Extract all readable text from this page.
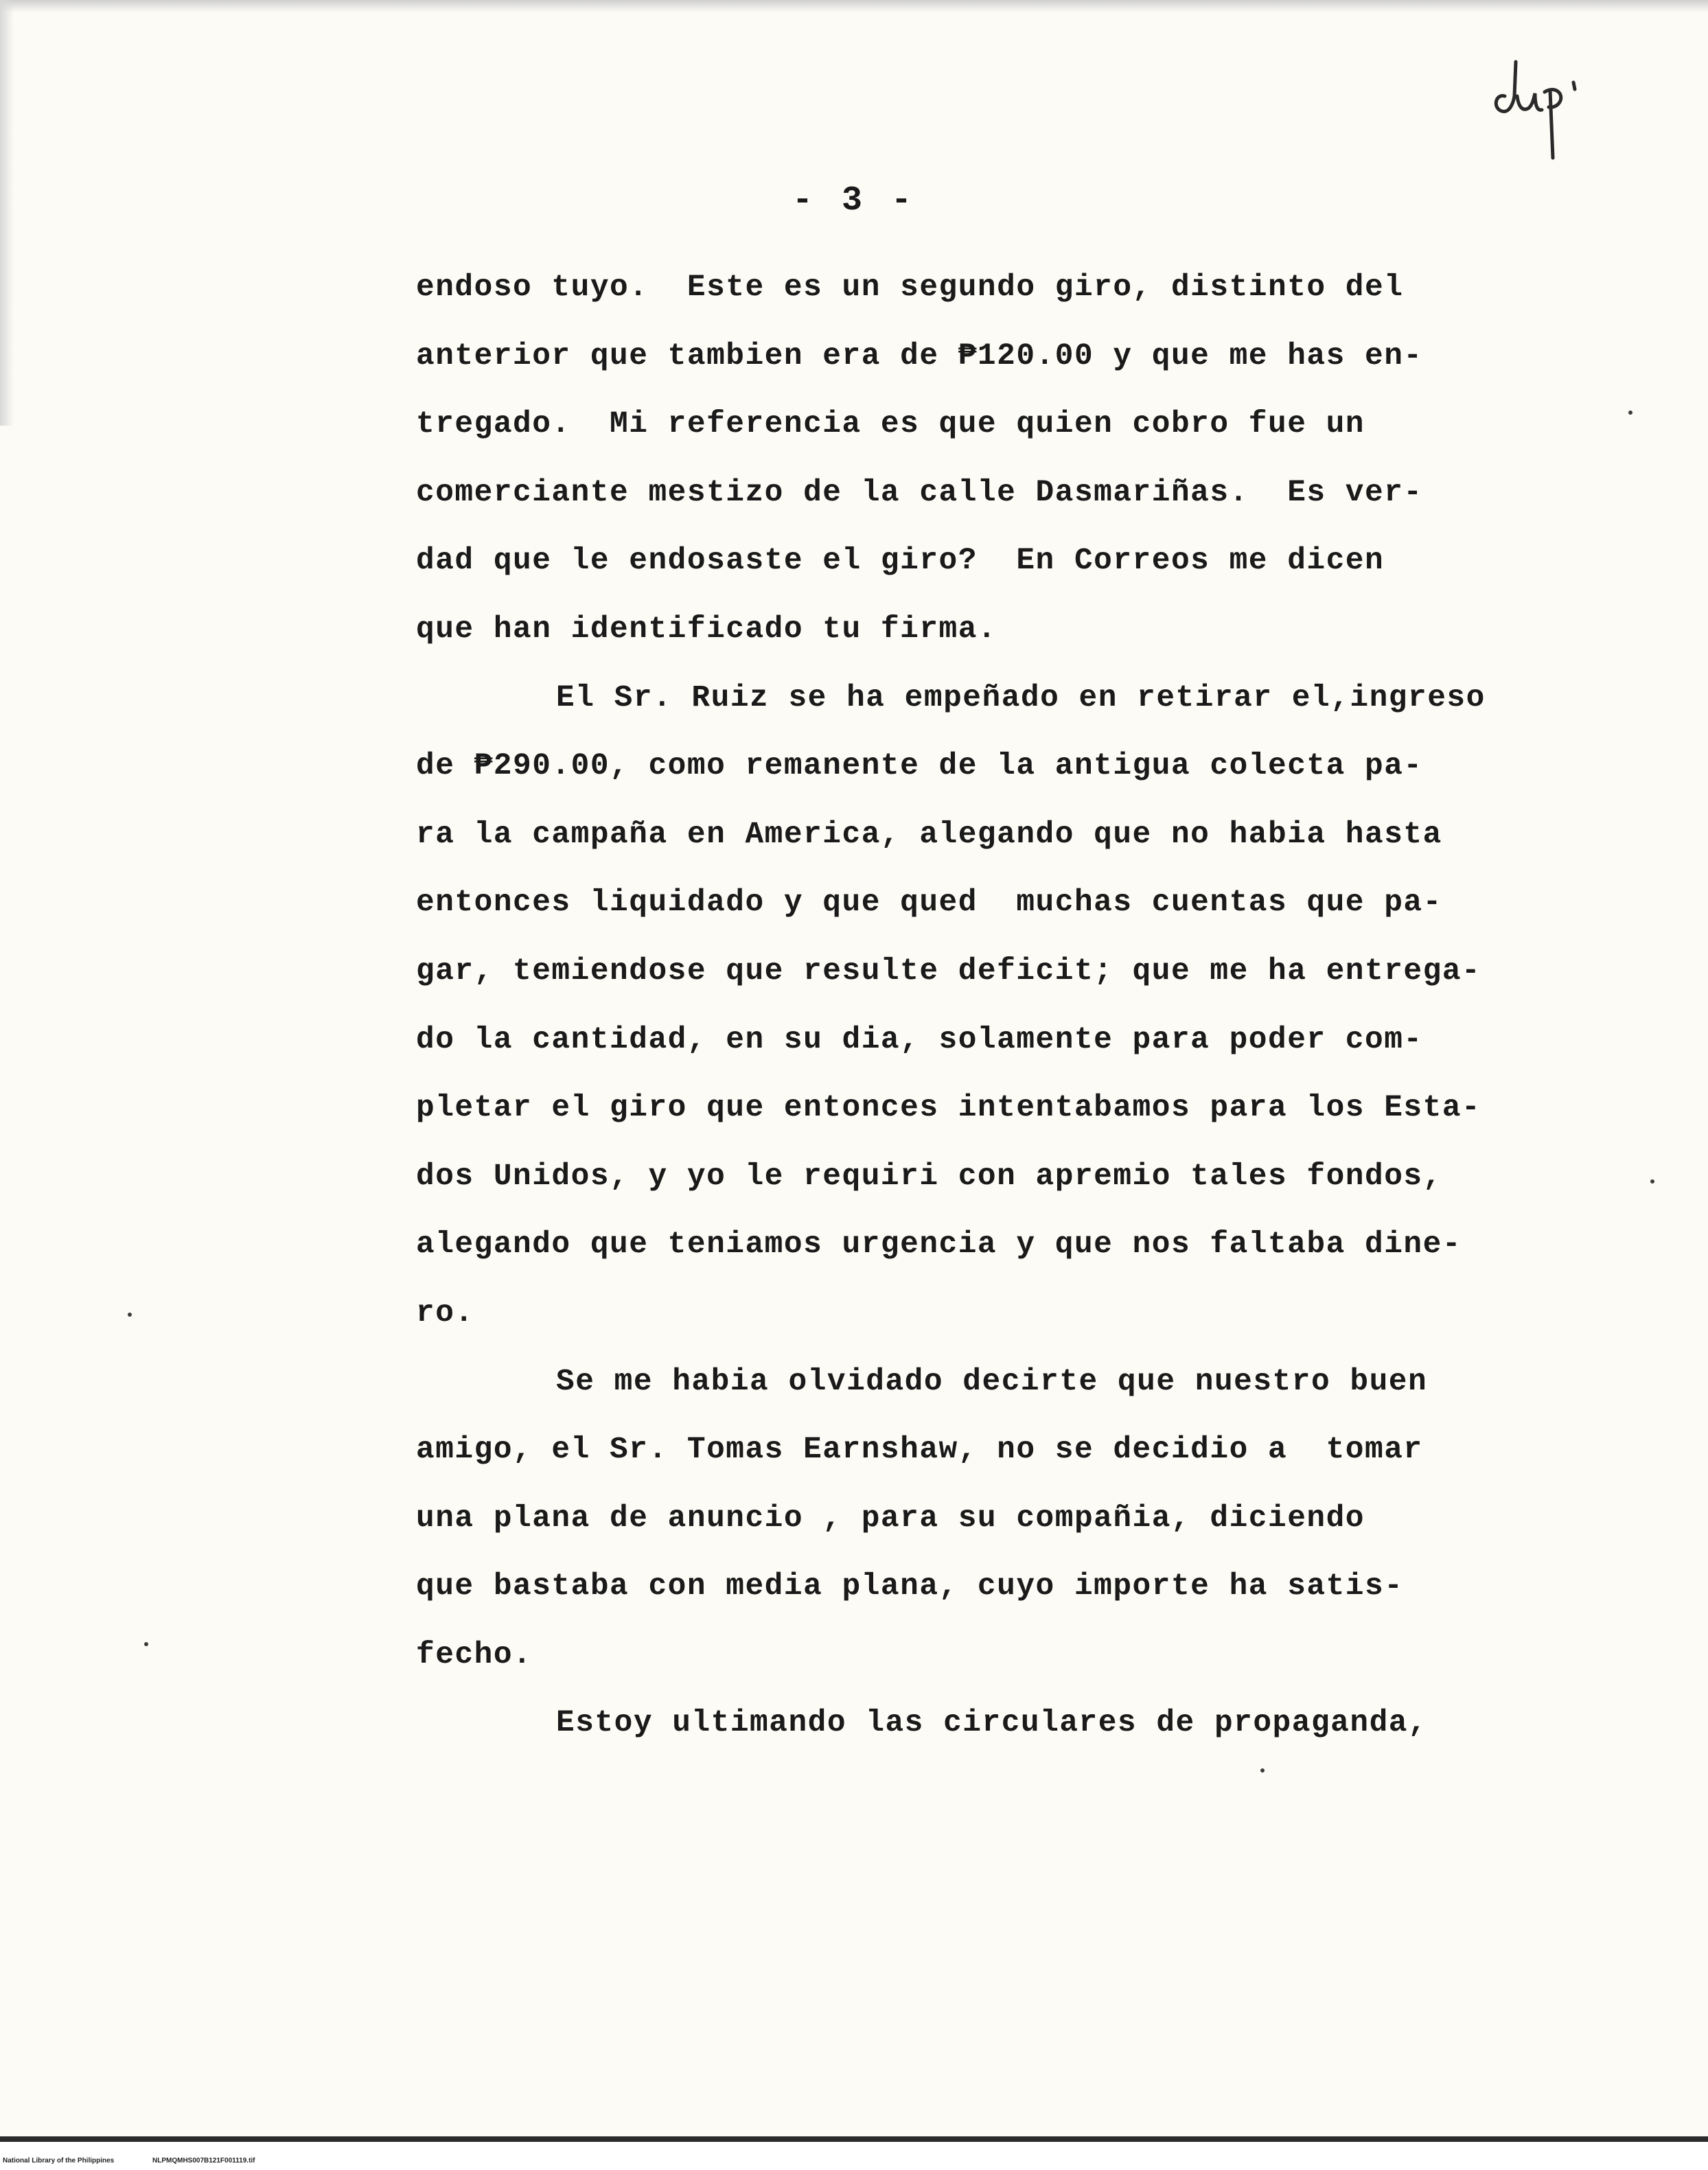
- 3 -
endoso tuyo.  Este es un segundo giro, distinto del
anterior que tambien era de ₱120.00 y que me has en-
tregado.  Mi referencia es que quien cobro fue un
comerciante mestizo de la calle Dasmariñas.  Es ver-
dad que le endosaste el giro?  En Correos me dicen
que han identificado tu firma.
El Sr. Ruiz se ha empeñado en retirar el,ingreso
de ₱290.00, como remanente de la antigua colecta pa-
ra la campaña en America, alegando que no habia hasta
entonces liquidado y que qued  muchas cuentas que pa-
gar, temiendose que resulte deficit; que me ha entrega-
do la cantidad, en su dia, solamente para poder com-
pletar el giro que entonces intentabamos para los Esta-
dos Unidos, y yo le requiri con apremio tales fondos,
alegando que teniamos urgencia y que nos faltaba dine-
ro.
Se me habia olvidado decirte que nuestro buen
amigo, el Sr. Tomas Earnshaw, no se decidio a  tomar
una plana de anuncio , para su compañia, diciendo
que bastaba con media plana, cuyo importe ha satis-
fecho.
Estoy ultimando las circulares de propaganda,
National Library of the Philippines	NLPMQMHS007B121F001119.tif
